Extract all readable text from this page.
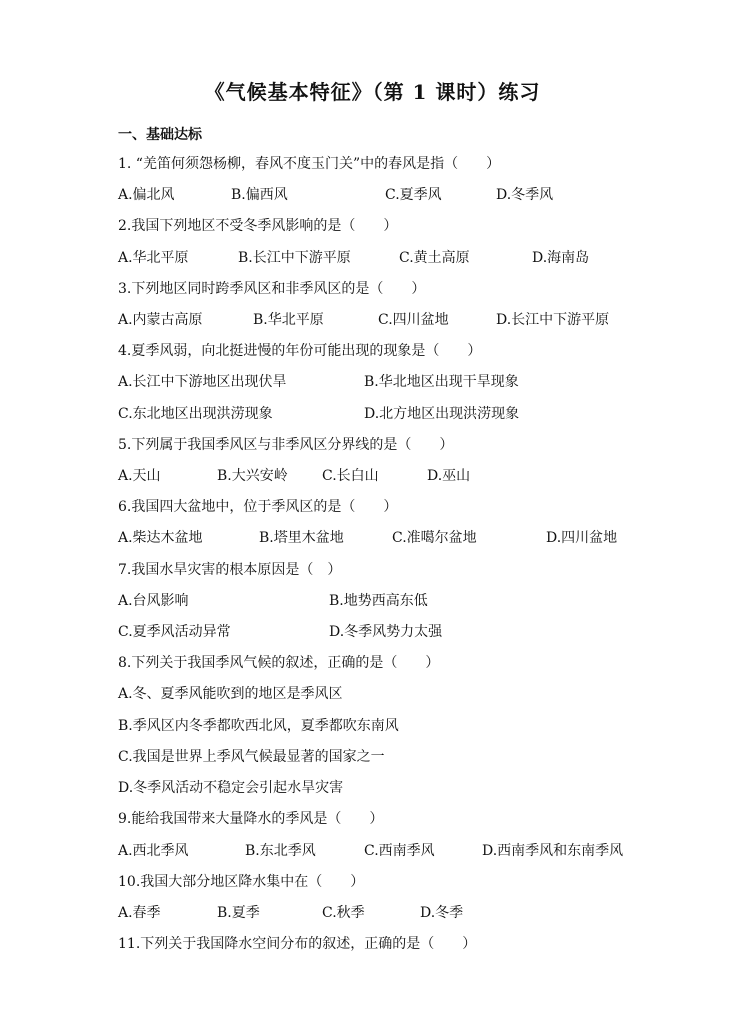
《气候基本特征》（第 1 课时）练习
一、基础达标
1. “羌笛何须怨杨柳，春风不度玉门关”中的春风是指（　　）
A.偏北风	B.偏西风	C.夏季风	D.冬季风
2.我国下列地区不受冬季风影响的是（　　）
A.华北平原	B.长江中下游平原	C.黄土高原	D.海南岛
3.下列地区同时跨季风区和非季风区的是（　　）
A.内蒙古高原	B.华北平原	C.四川盆地	D.长江中下游平原
4.夏季风弱，向北挺进慢的年份可能出现的现象是（　　）
A.长江中下游地区出现伏旱	B.华北地区出现干旱现象
C.东北地区出现洪涝现象	D.北方地区出现洪涝现象
5.下列属于我国季风区与非季风区分界线的是（　　）
A.天山	B.大兴安岭 C.长白山	D.巫山
6.我国四大盆地中，位于季风区的是（　　）
A.柴达木盆地	B.塔里木盆地	C.准噶尔盆地	D.四川盆地
7.我国水旱灾害的根本原因是（　）
A.台风影响	B.地势西高东低
C.夏季风活动异常	D.冬季风势力太强
8.下列关于我国季风气候的叙述，正确的是（　　）
A.冬、夏季风能吹到的地区是季风区
B.季风区内冬季都吹西北风，夏季都吹东南风
C.我国是世界上季风气候最显著的国家之一
D.冬季风活动不稳定会引起水旱灾害
9.能给我国带来大量降水的季风是（　　）
A.西北季风	B.东北季风	C.西南季风	D.西南季风和东南季风
10.我国大部分地区降水集中在（　　）
A.春季	B.夏季	C.秋季	D.冬季
11.下列关于我国降水空间分布的叙述，正确的是（　　）
